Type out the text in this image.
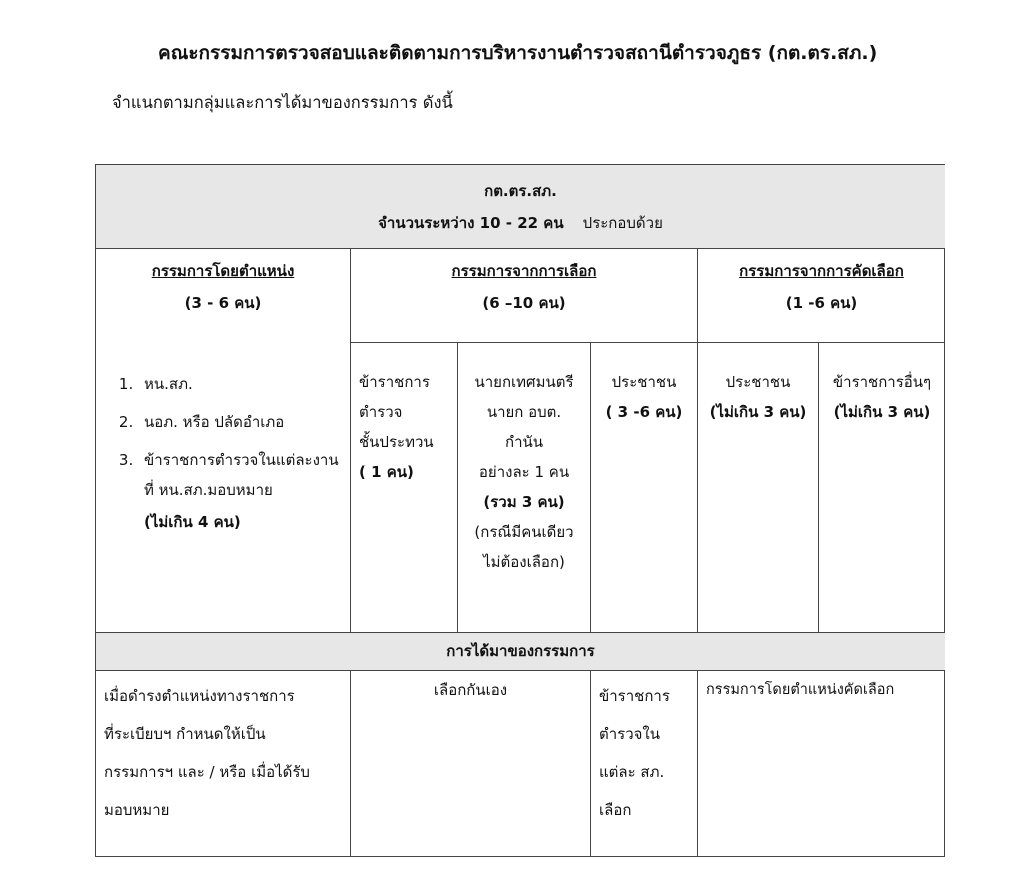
คณะกรรมการตรวจสอบและติดตามการบริหารงานตำรวจสถานีตำรวจภูธร (กต.ตร.สภ.)
จำแนกตามกลุ่มและการได้มาของกรรมการ ดังนี้
กต.ตร.สภ.
จำนวนระหว่าง 10 - 22 คน ประกอบด้วย
กรรมการโดยตำแหน่ง
(3 - 6 คน)
กรรมการจากการเลือก
(6 –10 คน)
กรรมการจากการคัดเลือก
(1 -6 คน)
1. หน.สภ.
2. นอภ. หรือ ปลัดอำเภอ
3. ข้าราชการตำรวจในแต่ละงานที่ หน.สภ.มอบหมาย
(ไม่เกิน 4 คน)
ข้าราชการ
ตำรวจ
ชั้นประทวน
( 1 คน)
นายกเทศมนตรี
นายก อบต.
กำนัน
อย่างละ 1 คน
(รวม 3 คน)
(กรณีมีคนเดียว
ไม่ต้องเลือก)
ประชาชน
( 3 -6 คน)
ประชาชน
(ไม่เกิน 3 คน)
ข้าราชการอื่นๆ
(ไม่เกิน 3 คน)
การได้มาของกรรมการ
เมื่อดำรงตำแหน่งทางราชการ
ที่ระเบียบฯ กำหนดให้เป็น
กรรมการฯ และ / หรือ เมื่อได้รับ
มอบหมาย
เลือกกันเอง	ข้าราชการ
ตำรวจใน
แต่ละ สภ.
เลือก
กรรมการโดยตำแหน่งคัดเลือก
